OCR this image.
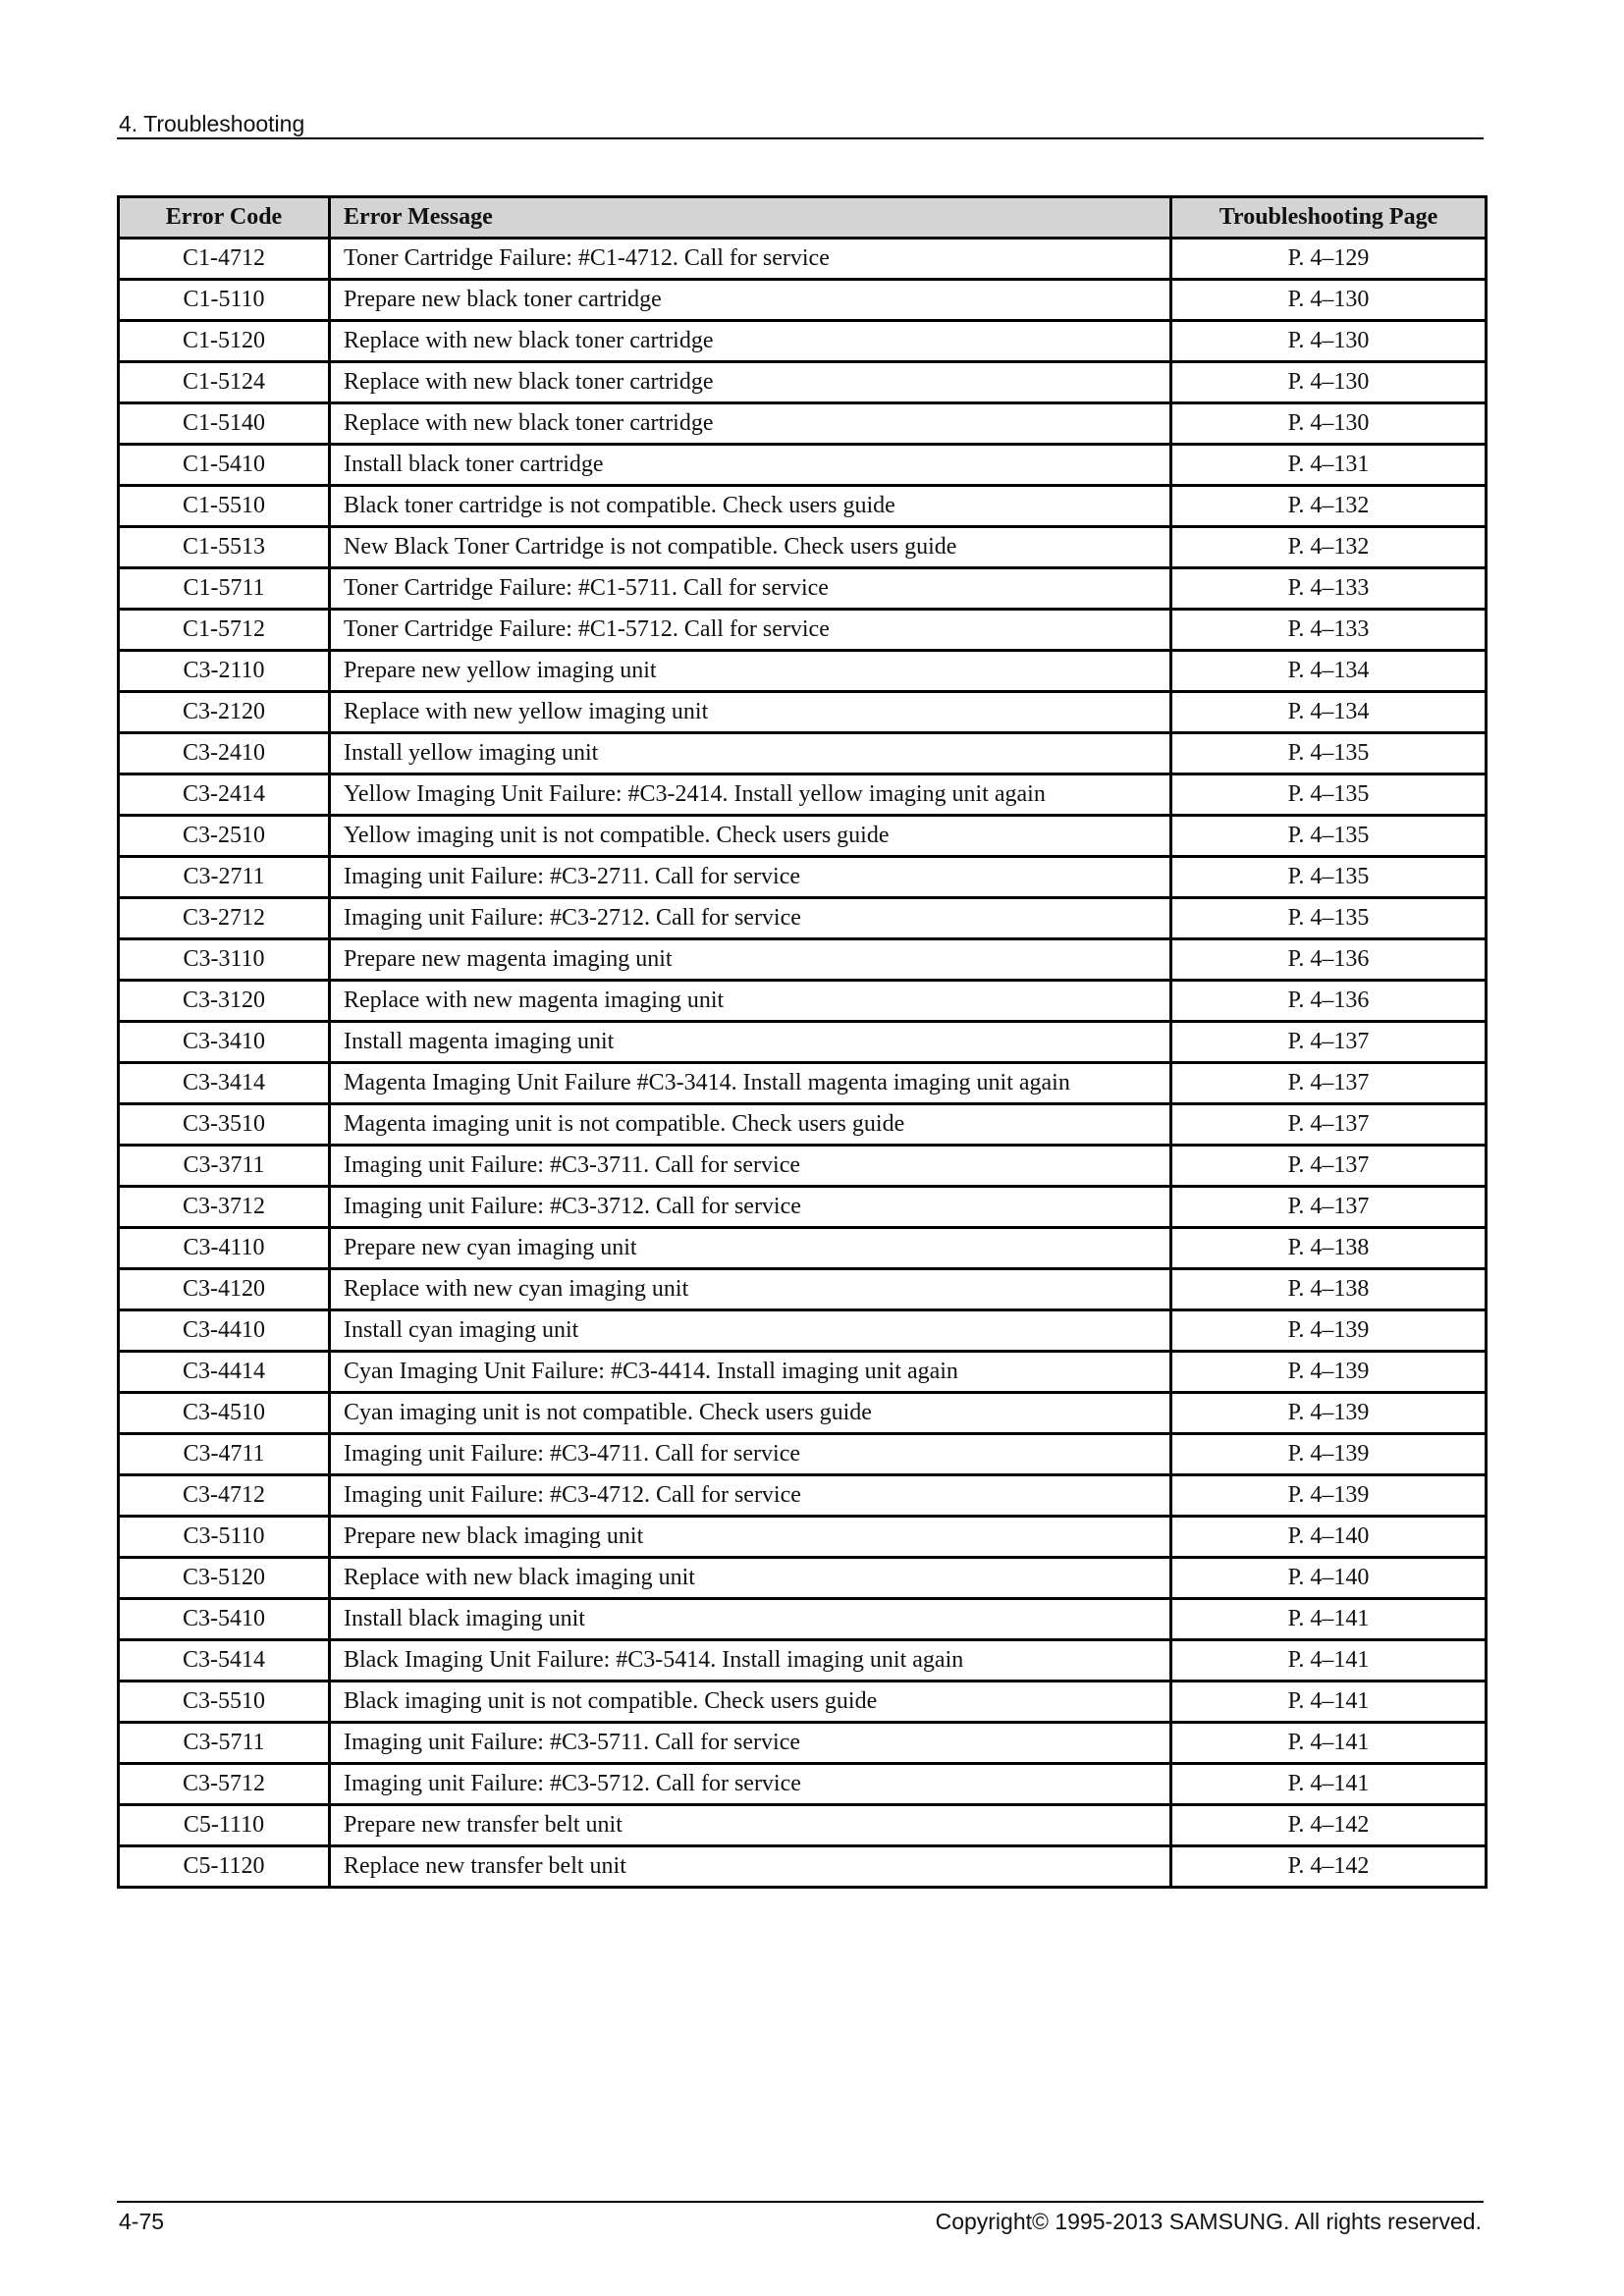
4. Troubleshooting
Error Code	Error Message	Troubleshooting Page
C1-4712	Toner Cartridge Failure: #C1-4712. Call for service	P. 4–129
C1-5110	Prepare new black toner cartridge	P. 4–130
C1-5120	Replace with new black toner cartridge	P. 4–130
C1-5124	Replace with new black toner cartridge	P. 4–130
C1-5140	Replace with new black toner cartridge	P. 4–130
C1-5410	Install black toner cartridge	P. 4–131
C1-5510	Black toner cartridge is not compatible. Check users guide	P. 4–132
C1-5513	New Black Toner Cartridge is not compatible. Check users guide	P. 4–132
C1-5711	Toner Cartridge Failure: #C1-5711. Call for service	P. 4–133
C1-5712	Toner Cartridge Failure: #C1-5712. Call for service	P. 4–133
C3-2110	Prepare new yellow imaging unit	P. 4–134
C3-2120	Replace with new yellow imaging unit	P. 4–134
C3-2410	Install yellow imaging unit	P. 4–135
C3-2414	Yellow Imaging Unit Failure: #C3-2414. Install yellow imaging unit again	P. 4–135
C3-2510	Yellow imaging unit is not compatible. Check users guide	P. 4–135
C3-2711	Imaging unit Failure: #C3-2711. Call for service	P. 4–135
C3-2712	Imaging unit Failure: #C3-2712. Call for service	P. 4–135
C3-3110	Prepare new magenta imaging unit	P. 4–136
C3-3120	Replace with new magenta imaging unit	P. 4–136
C3-3410	Install magenta imaging unit	P. 4–137
C3-3414	Magenta Imaging Unit Failure #C3-3414. Install magenta imaging unit again	P. 4–137
C3-3510	Magenta imaging unit is not compatible. Check users guide	P. 4–137
C3-3711	Imaging unit Failure: #C3-3711. Call for service	P. 4–137
C3-3712	Imaging unit Failure: #C3-3712. Call for service	P. 4–137
C3-4110	Prepare new cyan imaging unit	P. 4–138
C3-4120	Replace with new cyan imaging unit	P. 4–138
C3-4410	Install cyan imaging unit	P. 4–139
C3-4414	Cyan Imaging Unit Failure: #C3-4414. Install imaging unit again	P. 4–139
C3-4510	Cyan imaging unit is not compatible. Check users guide	P. 4–139
C3-4711	Imaging unit Failure: #C3-4711. Call for service	P. 4–139
C3-4712	Imaging unit Failure: #C3-4712. Call for service	P. 4–139
C3-5110	Prepare new black imaging unit	P. 4–140
C3-5120	Replace with new black imaging unit	P. 4–140
C3-5410	Install black imaging unit	P. 4–141
C3-5414	Black Imaging Unit Failure: #C3-5414. Install imaging unit again	P. 4–141
C3-5510	Black imaging unit is not compatible. Check users guide	P. 4–141
C3-5711	Imaging unit Failure: #C3-5711. Call for service	P. 4–141
C3-5712	Imaging unit Failure: #C3-5712. Call for service	P. 4–141
C5-1110	Prepare new transfer belt unit	P. 4–142
C5-1120	Replace new transfer belt unit	P. 4–142
4-75	Copyright© 1995-2013 SAMSUNG. All rights reserved.
